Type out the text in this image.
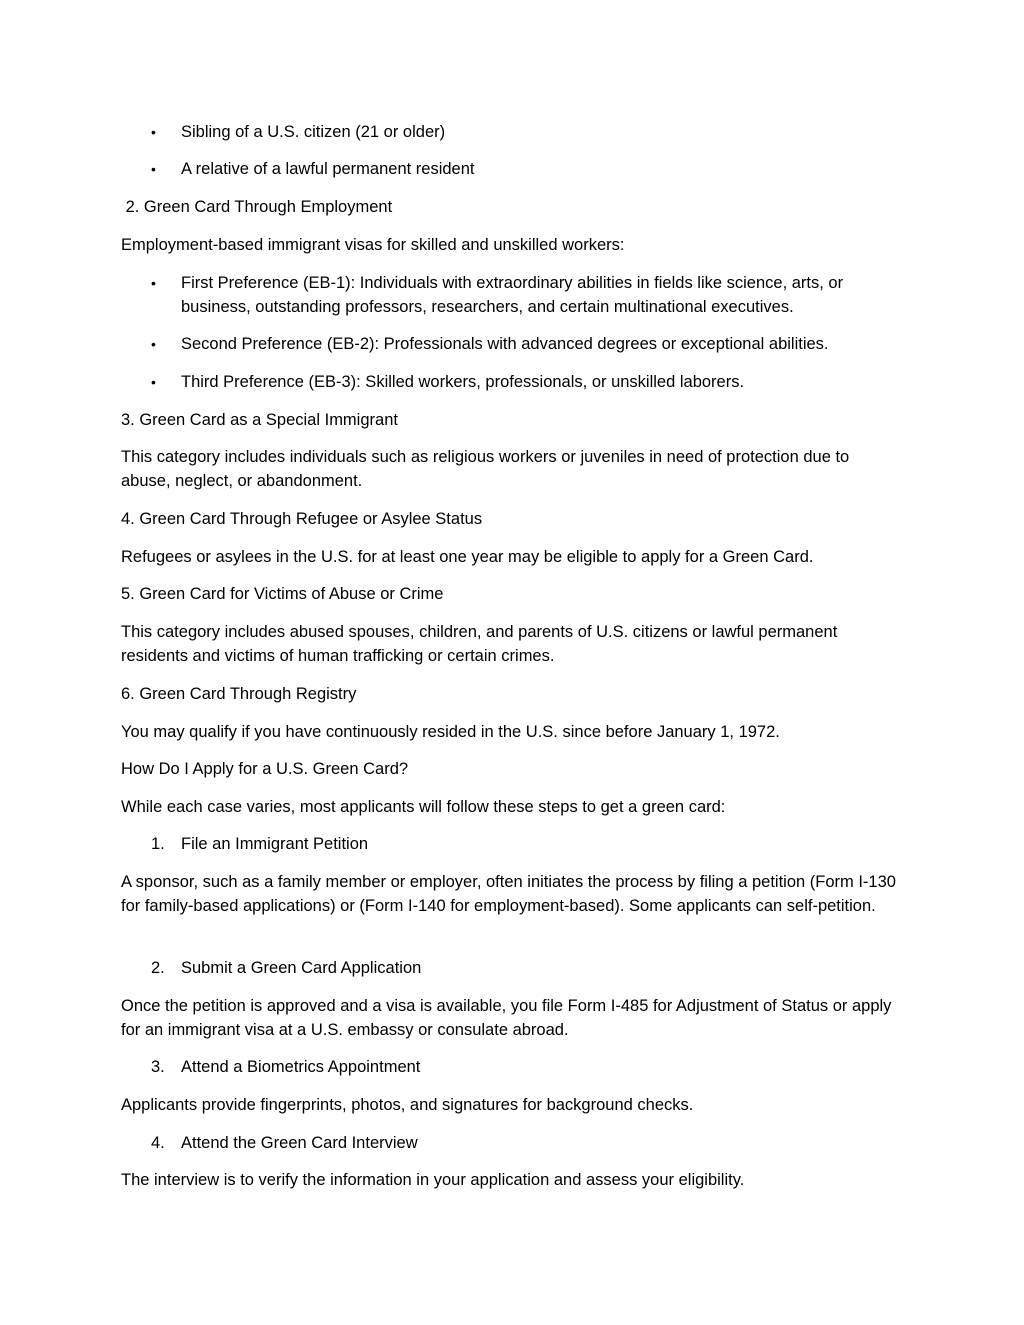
• Sibling of a U.S. citizen (21 or older)

• A relative of a lawful permanent resident

2. Green Card Through Employment

Employment-based immigrant visas for skilled and unskilled workers:

• First Preference (EB-1): Individuals with extraordinary abilities in fields like science, arts, or business, outstanding professors, researchers, and certain multinational executives.

• Second Preference (EB-2): Professionals with advanced degrees or exceptional abilities.

• Third Preference (EB-3): Skilled workers, professionals, or unskilled laborers.

3. Green Card as a Special Immigrant

This category includes individuals such as religious workers or juveniles in need of protection due to abuse, neglect, or abandonment.

4. Green Card Through Refugee or Asylee Status

Refugees or asylees in the U.S. for at least one year may be eligible to apply for a Green Card.

5. Green Card for Victims of Abuse or Crime

This category includes abused spouses, children, and parents of U.S. citizens or lawful permanent residents and victims of human trafficking or certain crimes.

6. Green Card Through Registry

You may qualify if you have continuously resided in the U.S. since before January 1, 1972.

How Do I Apply for a U.S. Green Card?

While each case varies, most applicants will follow these steps to get a green card:

1. File an Immigrant Petition

A sponsor, such as a family member or employer, often initiates the process by filing a petition (Form I-130 for family-based applications) or (Form I-140 for employment-based). Some applicants can self-petition.

2. Submit a Green Card Application

Once the petition is approved and a visa is available, you file Form I-485 for Adjustment of Status or apply for an immigrant visa at a U.S. embassy or consulate abroad.

3. Attend a Biometrics Appointment

Applicants provide fingerprints, photos, and signatures for background checks.

4. Attend the Green Card Interview

The interview is to verify the information in your application and assess your eligibility.
